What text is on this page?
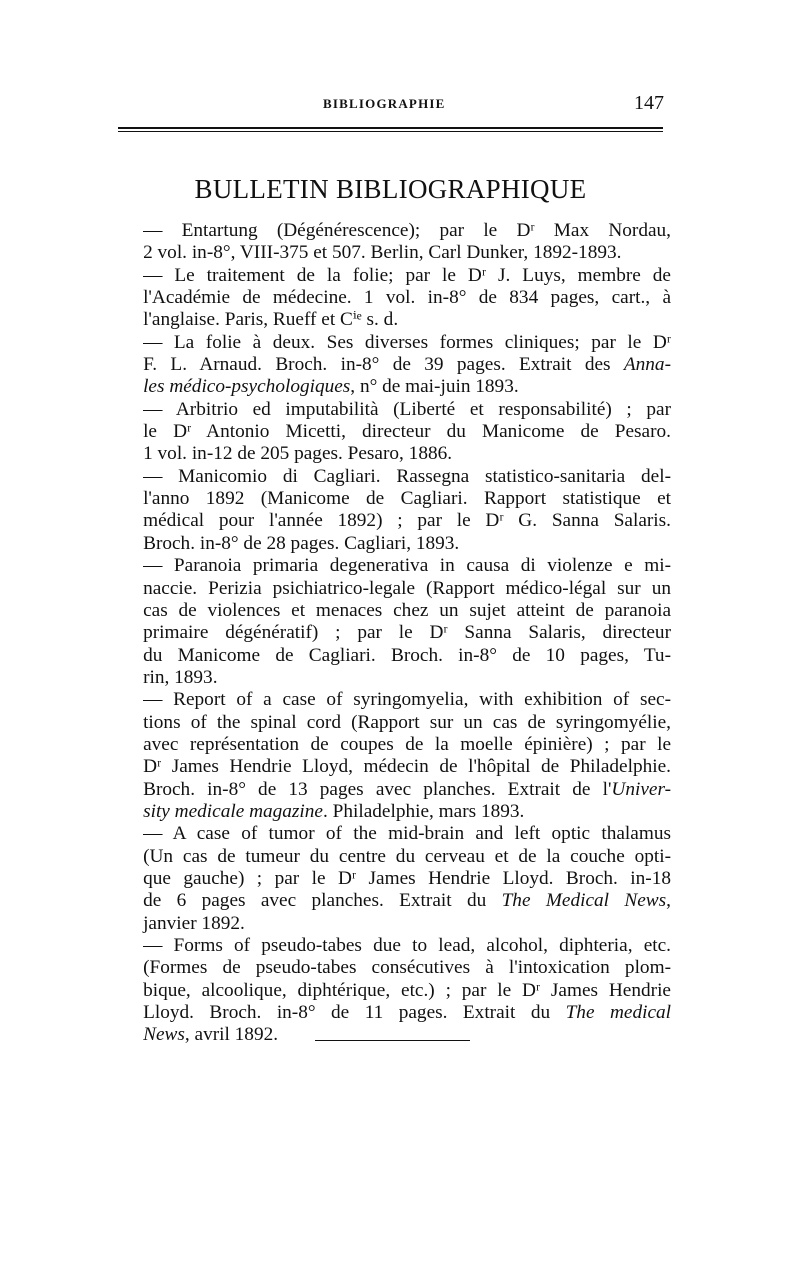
BIBLIOGRAPHIE	147
BULLETIN BIBLIOGRAPHIQUE

— Entartung (Dégénérescence); par le Dʳ Max Nordau,
2 vol. in-8°, VIII-375 et 507. Berlin, Carl Dunker, 1892-1893.

— Le traitement de la folie; par le Dʳ J. Luys, membre de
l'Académie de médecine. 1 vol. in-8° de 834 pages, cart., à
l'anglaise. Paris, Rueff et Cⁱᵉ s. d.

— La folie à deux. Ses diverses formes cliniques; par le Dʳ
F. L. Arnaud. Broch. in-8° de 39 pages. Extrait des Anna-
les médico-psychologiques, n° de mai-juin 1893.

— Arbitrio ed imputabilità (Liberté et responsabilité) ; par
le Dʳ Antonio Micetti, directeur du Manicome de Pesaro.
1 vol. in-12 de 205 pages. Pesaro, 1886.

— Manicomio di Cagliari. Rassegna statistico-sanitaria del-
l'anno 1892 (Manicome de Cagliari. Rapport statistique et
médical pour l'année 1892) ; par le Dʳ G. Sanna Salaris.
Broch. in-8° de 28 pages. Cagliari, 1893.

— Paranoia primaria degenerativa in causa di violenze e mi-
naccie. Perizia psichiatrico-legale (Rapport médico-légal sur un
cas de violences et menaces chez un sujet atteint de paranoia
primaire dégénératif) ; par le Dʳ Sanna Salaris, directeur
du Manicome de Cagliari. Broch. in-8° de 10 pages, Tu-
rin, 1893.

— Report of a case of syringomyelia, with exhibition of sec-
tions of the spinal cord (Rapport sur un cas de syringomyélie,
avec représentation de coupes de la moelle épinière) ; par le
Dʳ James Hendrie Lloyd, médecin de l'hôpital de Philadelphie.
Broch. in-8° de 13 pages avec planches. Extrait de l'Univer-
sity medicale magazine. Philadelphie, mars 1893.

— A case of tumor of the mid-brain and left optic thalamus
(Un cas de tumeur du centre du cerveau et de la couche opti-
que gauche) ; par le Dʳ James Hendrie Lloyd. Broch. in-18
de 6 pages avec planches. Extrait du The Medical News,
janvier 1892.

— Forms of pseudo-tabes due to lead, alcohol, diphteria, etc.
(Formes de pseudo-tabes consécutives à l'intoxication plom-
bique, alcoolique, diphtérique, etc.) ; par le Dʳ James Hendrie
Lloyd. Broch. in-8° de 11 pages. Extrait du The medical
News, avril 1892.
